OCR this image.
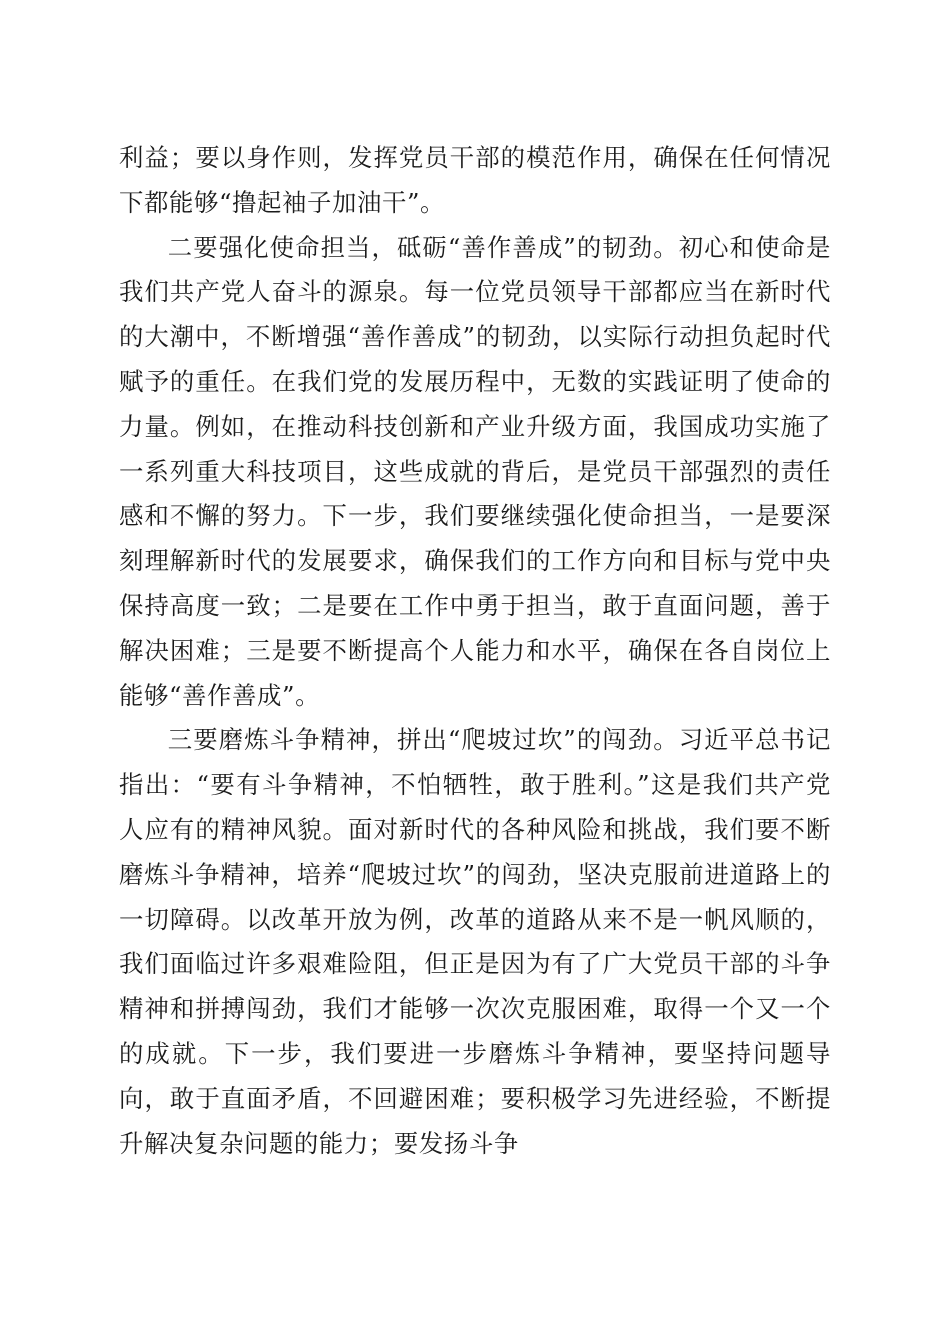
利益；要以身作则，发挥党员干部的模范作用，确保在任何情况下都能够“撸起袖子加油干”。

二要强化使命担当，砥砺“善作善成”的韧劲。初心和使命是我们共产党人奋斗的源泉。每一位党员领导干部都应当在新时代的大潮中，不断增强“善作善成”的韧劲，以实际行动担负起时代赋予的重任。在我们党的发展历程中，无数的实践证明了使命的力量。例如，在推动科技创新和产业升级方面，我国成功实施了一系列重大科技项目，这些成就的背后，是党员干部强烈的责任感和不懈的努力。下一步，我们要继续强化使命担当，一是要深刻理解新时代的发展要求，确保我们的工作方向和目标与党中央保持高度一致；二是要在工作中勇于担当，敢于直面问题，善于解决困难；三是要不断提高个人能力和水平，确保在各自岗位上能够“善作善成”。

三要磨炼斗争精神，拼出“爬坡过坎”的闯劲。习近平总书记指出：“要有斗争精神，不怕牺牲，敢于胜利。”这是我们共产党人应有的精神风貌。面对新时代的各种风险和挑战，我们要不断磨炼斗争精神，培养“爬坡过坎”的闯劲，坚决克服前进道路上的一切障碍。以改革开放为例，改革的道路从来不是一帆风顺的，我们面临过许多艰难险阻，但正是因为有了广大党员干部的斗争精神和拼搏闯劲，我们才能够一次次克服困难，取得一个又一个的成就。下一步，我们要进一步磨炼斗争精神，要坚持问题导向，敢于直面矛盾，不回避困难；要积极学习先进经验，不断提升解决复杂问题的能力；要发扬斗争
